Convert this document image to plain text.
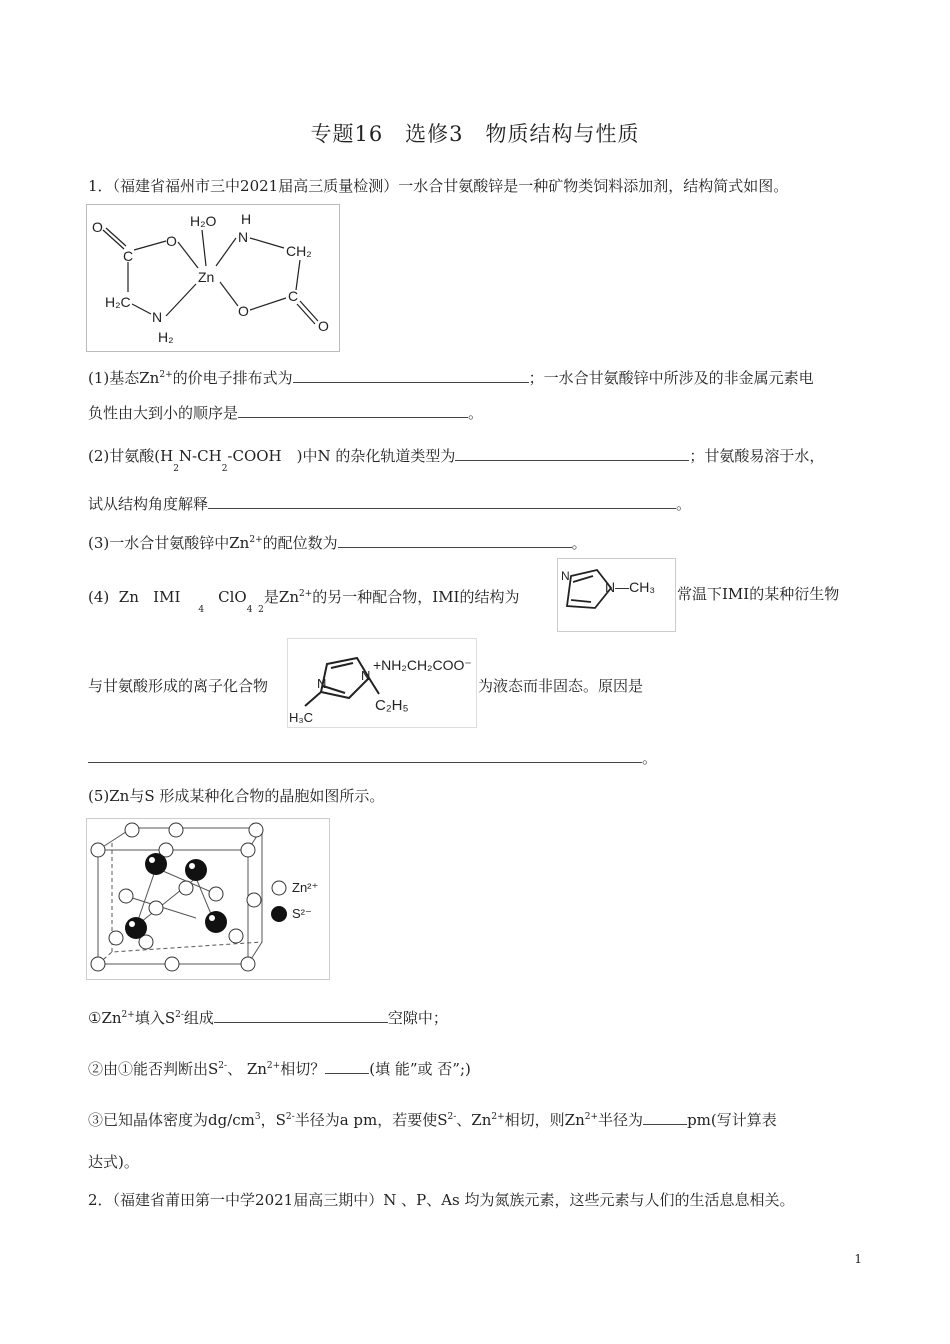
专题16　选修3　物质结构与性质
1．（福建省福州市三中2021届高三质量检测）一水合甘氨酸锌是一种矿物类饲料添加剂，结构简式如图。
O
C
O
H₂O
Zn
H
N
CH₂
H₂C
N
H₂
O
C
O
(1)基态$Zn^{2+}$的价电子排布式为	；一水合甘氨酸锌中所涉及的非金属元素电
负性由大到小的顺序是	。
(2)甘氨酸($H_2N-CH_2$-COOH　)中N 的杂化轨道类型为	；甘氨酸易溶于水，
试从结构角度解释	。
(3)一水合甘氨酸锌中$Zn^{2+}$的配位数为	。
(4)  Zn   $IMI_4ClO_{4 2}$是$Zn^{2+}$的另一种配合物，IMI的结构为
N
N—CH₃ 常温下IMI的某种衍生物
与甘氨酸形成的离子化合物	N
N
+NH₂CH₂COO⁻
C₂H₅
H₃C
为液态而非固态。原因是
。
(5)Zn与S 形成某种化合物的晶胞如图所示。
Zn²⁺
S²⁻
$①Zn^{2+}$填入$S^{2-}$组成	空隙中；
②由①能否判断出$S^{2-}$、 $Zn^{2+}$相切？	(填 能”或 否”;)
③已知晶体密度为$dg/cm^3$，$S^{2-}$半径为a pm，若要使$S^{2-}$、$Zn^{2+}$相切，则$Zn^{2+}$半径为	pm(写计算表
达式)。
2．（福建省莆田第一中学2021届高三期中）N 、P、As 均为氮族元素，这些元素与人们的生活息息相关。
1
